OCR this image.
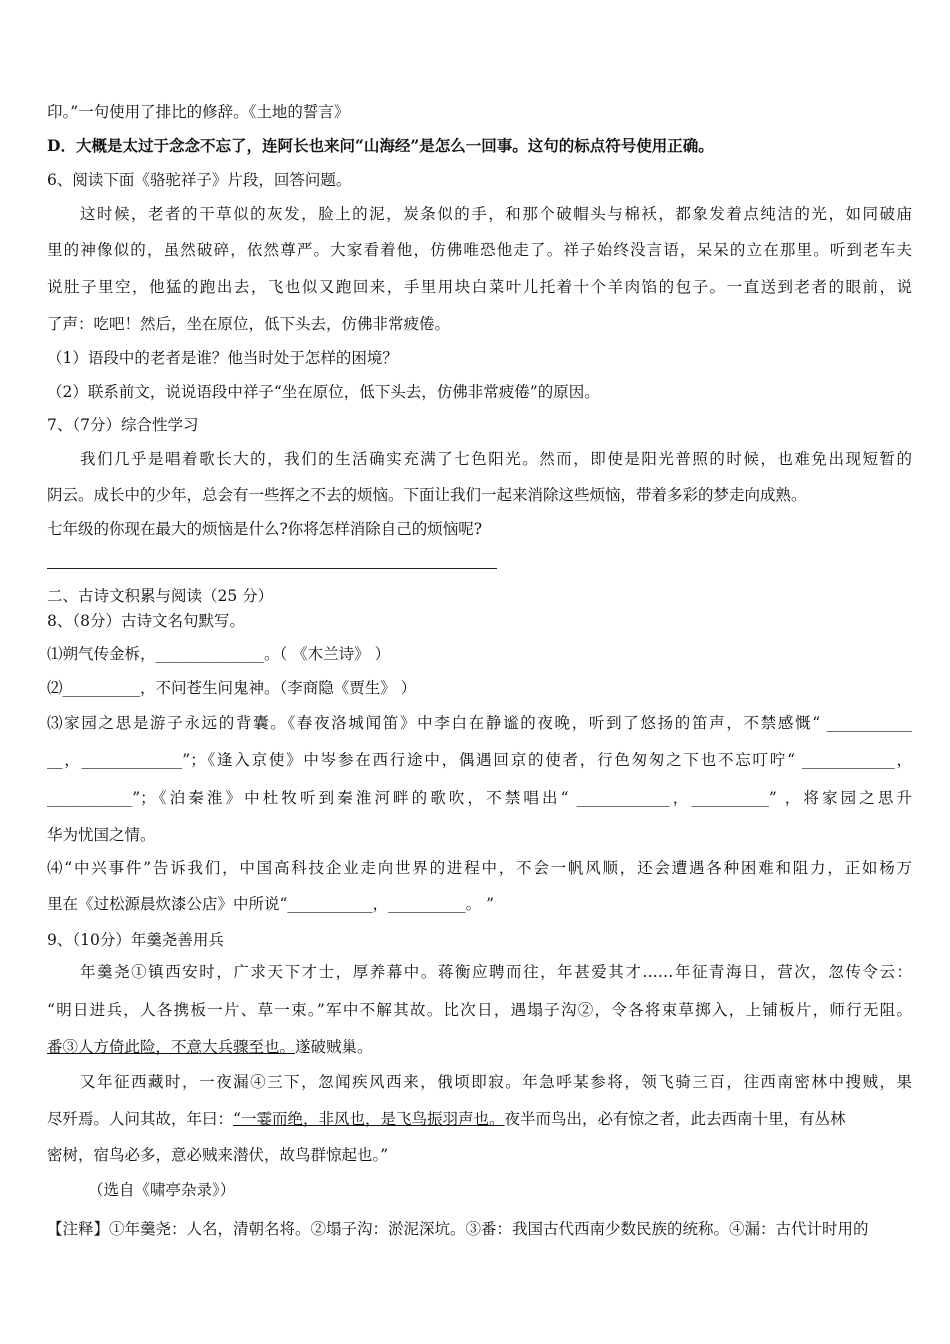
印。”一句使用了排比的修辞。《土地的誓言》
D．大概是太过于念念不忘了，连阿长也来问“山海经”是怎么一回事。这句的标点符号使用正确。
6、阅读下面《骆驼祥子》片段，回答问题。
这时候，老者的干草似的灰发，脸上的泥，炭条似的手，和那个破帽头与棉袄，都象发着点纯洁的光，如同破庙
里的神像似的，虽然破碎，依然尊严。大家看着他，仿佛唯恐他走了。祥子始终没言语，呆呆的立在那里。听到老车夫
说肚子里空，他猛的跑出去，飞也似又跑回来，手里用块白菜叶儿托着十个羊肉馅的包子。一直送到老者的眼前，说
了声：吃吧！然后，坐在原位，低下头去，仿佛非常疲倦。
（1）语段中的老者是谁？他当时处于怎样的困境？
（2）联系前文，说说语段中祥子“坐在原位，低下头去，仿佛非常疲倦”的原因。
7、（7分）综合性学习
我们几乎是唱着歌长大的，我们的生活确实充满了七色阳光。然而，即使是阳光普照的时候，也难免出现短暂的
阴云。成长中的少年，总会有一些挥之不去的烦恼。下面让我们一起来消除这些烦恼，带着多彩的梦走向成熟。
七年级的你现在最大的烦恼是什么?你将怎样消除自己的烦恼呢?
二、古诗文积累与阅读（25 分）
8、（8分）古诗文名句默写。
⑴朔气传金柝，______________。（ 《木兰诗》 ）
⑵__________，不问苍生问鬼神。（李商隐《贾生》 ）
⑶家园之思是游子永远的背囊。《春夜洛城闻笛》中李白在静谧的夜晚，听到了悠扬的笛声，不禁感慨“ ___________
__，_____________”；《逢入京使》中岑参在西行途中，偶遇回京的使者，行色匆匆之下也不忘叮咛“ ____________，
___________”；《泊秦淮》中杜牧听到秦淮河畔的歌吹，不禁唱出“ ____________，__________” ，将家园之思升
华为忧国之情。
⑷“中兴事件”告诉我们，中国高科技企业走向世界的进程中，不会一帆风顺，还会遭遇各种困难和阻力，正如杨万
里在《过松源晨炊漆公店》中所说“___________，__________。 ”
9、（10分）年羹尧善用兵
年羹尧①镇西安时，广求天下才士，厚养幕中。蒋衡应聘而往，年甚爱其才……年征青海日，营次，忽传令云：
“明日进兵，人各携板一片、草一束。”军中不解其故。比次日，遇塌子沟②，令各将束草掷入，上铺板片，师行无阻。
番③人方倚此险，不意大兵骤至也。遂破贼巢。
又年征西藏时，一夜漏④三下，忽闻疾风西来，俄顷即寂。年急呼某参将，领飞骑三百，往西南密林中搜贼，果
尽歼焉。人问其故，年曰：“一霎而绝，非风也，是飞鸟振羽声也。夜半而鸟出，必有惊之者，此去西南十里，有丛林
密树，宿鸟必多，意必贼来潜伏，故鸟群惊起也。”
（选自《啸亭杂录》）
【注释】①年羹尧：人名，清朝名将。②塌子沟：淤泥深坑。③番：我国古代西南少数民族的统称。④漏：古代计时用的
